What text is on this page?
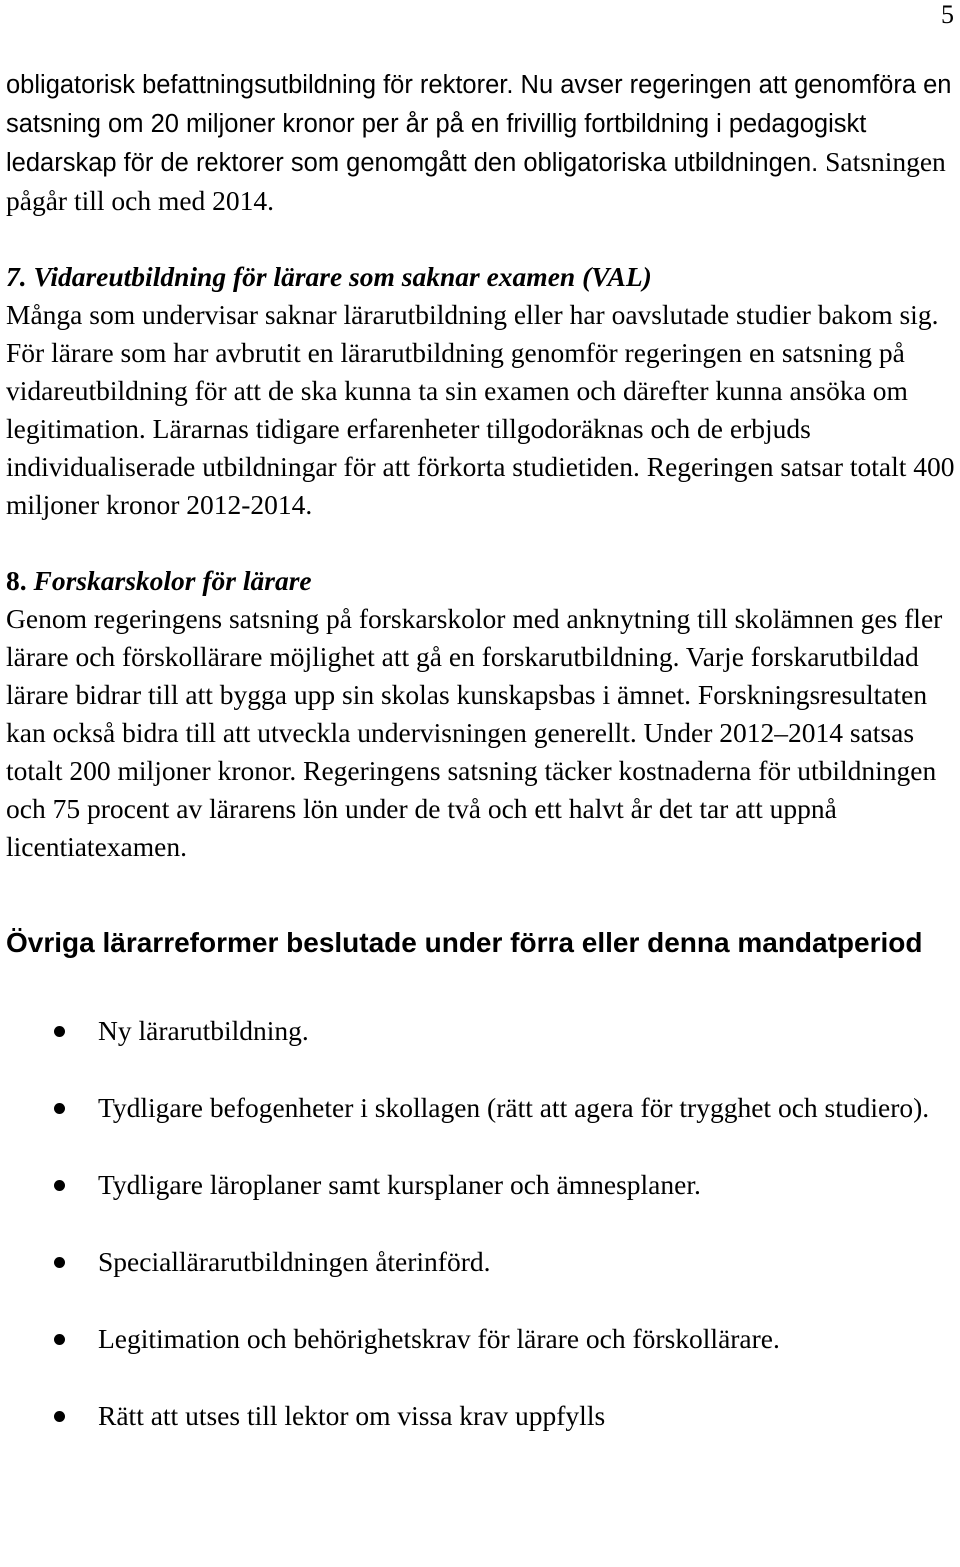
5

obligatorisk befattningsutbildning för rektorer. Nu avser regeringen att genomföra en satsning om 20 miljoner kronor per år på en frivillig fortbildning i pedagogiskt ledarskap för de rektorer som genomgått den obligatoriska utbildningen. Satsningen pågår till och med 2014.

7. Vidareutbildning för lärare som saknar examen (VAL)
Många som undervisar saknar lärarutbildning eller har oavslutade studier bakom sig. För lärare som har avbrutit en lärarutbildning genomför regeringen en satsning på vidareutbildning för att de ska kunna ta sin examen och därefter kunna ansöka om legitimation. Lärarnas tidigare erfarenheter tillgodoräknas och de erbjuds individualiserade utbildningar för att förkorta studietiden. Regeringen satsar totalt 400 miljoner kronor 2012-2014.

8. Forskarskolor för lärare
Genom regeringens satsning på forskarskolor med anknytning till skolämnen ges fler lärare och förskollärare möjlighet att gå en forskarutbildning. Varje forskarutbildad lärare bidrar till att bygga upp sin skolas kunskapsbas i ämnet. Forskningsresultaten kan också bidra till att utveckla undervisningen generellt. Under 2012–2014 satsas totalt 200 miljoner kronor. Regeringens satsning täcker kostnaderna för utbildningen och 75 procent av lärarens lön under de två och ett halvt år det tar att uppnå licentiatexamen.

Övriga lärarreformer beslutade under förra eller denna mandatperiod
Ny lärarutbildning.
Tydligare befogenheter i skollagen (rätt att agera för trygghet och studiero).
Tydligare läroplaner samt kursplaner och ämnesplaner.
Speciallärarutbildningen återinförd.
Legitimation och behörighetskrav för lärare och förskollärare.
Rätt att utses till lektor om vissa krav uppfylls
